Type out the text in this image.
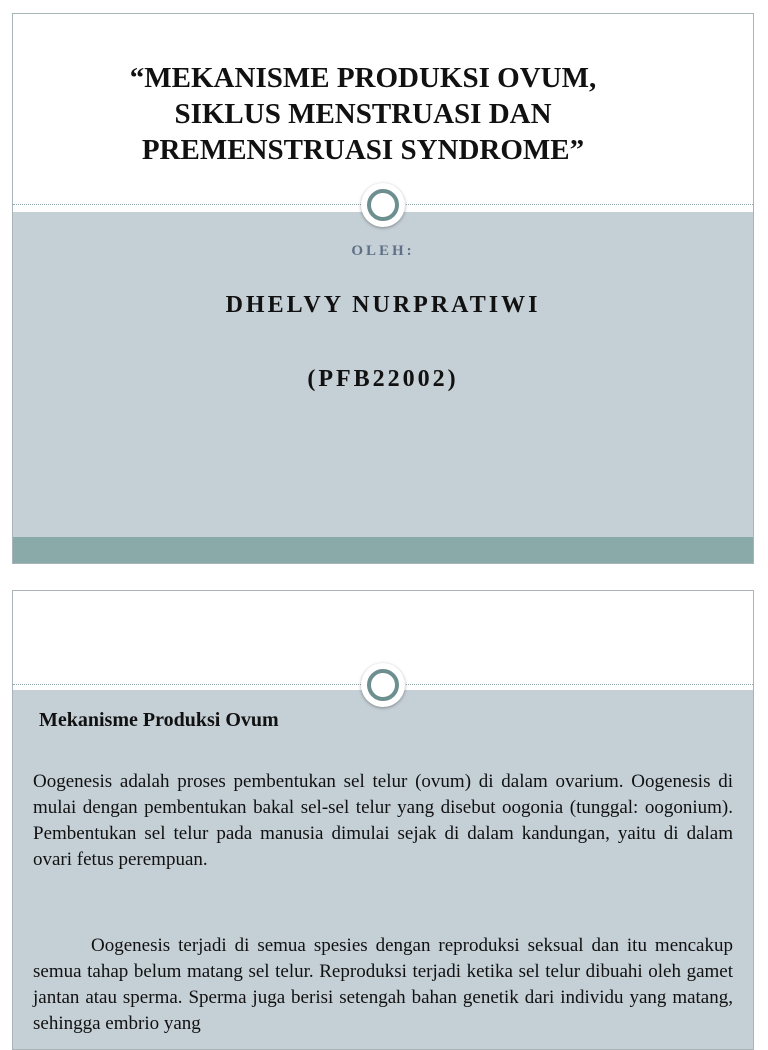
“MEKANISME PRODUKSI OVUM,
SIKLUS MENSTRUASI DAN
PREMENSTRUASI SYNDROME”
OLEH:
DHELVY NURPRATIWI
(PFB22002)
Mekanisme Produksi Ovum

Oogenesis adalah proses pembentukan sel telur (ovum) di dalam ovarium. Oogenesis di mulai dengan pembentukan bakal sel-sel telur yang disebut oogonia (tunggal: oogonium). Pembentukan sel telur pada manusia dimulai sejak di dalam kandungan, yaitu di dalam ovari fetus perempuan.

Oogenesis terjadi di semua spesies dengan reproduksi seksual dan itu mencakup semua tahap belum matang sel telur. Reproduksi terjadi ketika sel telur dibuahi oleh gamet jantan atau sperma. Sperma juga berisi setengah bahan genetik dari individu yang matang, sehingga embrio yang
